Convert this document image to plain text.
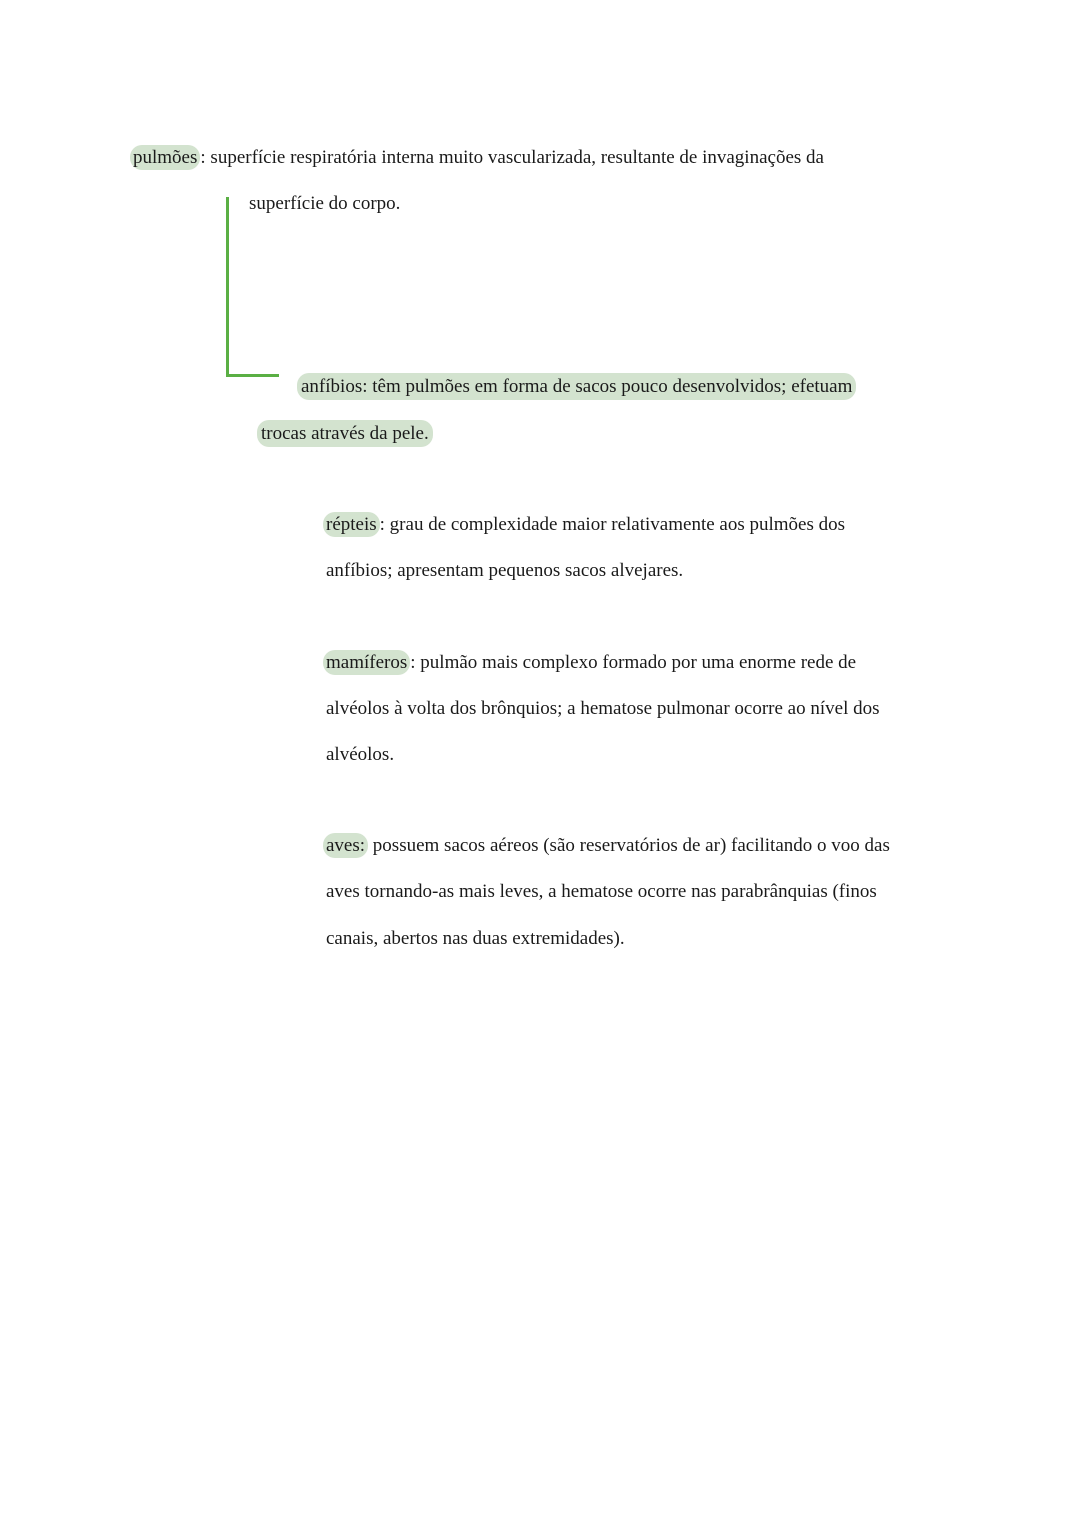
pulmões : superfície respiratória interna muito vascularizada, resultante de invaginações da
superfície do corpo.
anfíbios: têm pulmões em forma de sacos pouco desenvolvidos; efetuam
trocas através da pele.
répteis : grau de complexidade maior relativamente aos pulmões dos
anfíbios; apresentam pequenos sacos alvejares.
mamíferos : pulmão mais complexo formado por uma enorme rede de
alvéolos à volta dos brônquios; a hematose pulmonar ocorre ao nível dos
alvéolos.
aves: possuem sacos aéreos (são reservatórios de ar) facilitando o voo das
aves tornando-as mais leves, a hematose ocorre nas parabrânquias (finos
canais, abertos nas duas extremidades).
